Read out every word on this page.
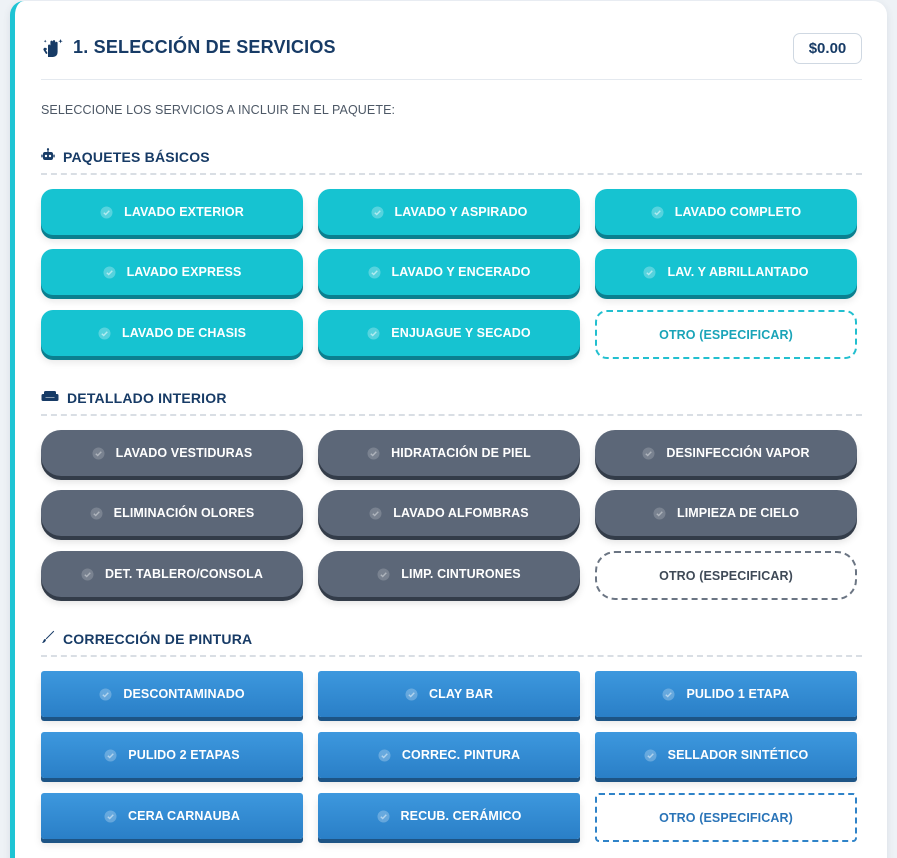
1. SELECCIÓN DE SERVICIOS	$0.00
SELECCIONE LOS SERVICIOS A INCLUIR EN EL PAQUETE:
PAQUETES BÁSICOS
LAVADO EXTERIOR	LAVADO Y ASPIRADO	LAVADO COMPLETO
LAVADO EXPRESS	LAVADO Y ENCERADO	LAV. Y ABRILLANTADO
LAVADO DE CHASIS	ENJUAGUE Y SECADO	OTRO (ESPECIFICAR)
DETALLADO INTERIOR
LAVADO VESTIDURAS	HIDRATACIÓN DE PIEL	DESINFECCIÓN VAPOR
ELIMINACIÓN OLORES	LAVADO ALFOMBRAS	LIMPIEZA DE CIELO
DET. TABLERO/CONSOLA	LIMP. CINTURONES	OTRO (ESPECIFICAR)
CORRECCIÓN DE PINTURA
DESCONTAMINADO	CLAY BAR	PULIDO 1 ETAPA
PULIDO 2 ETAPAS	CORREC. PINTURA	SELLADOR SINTÉTICO
CERA CARNAUBA	RECUB. CERÁMICO	OTRO (ESPECIFICAR)
